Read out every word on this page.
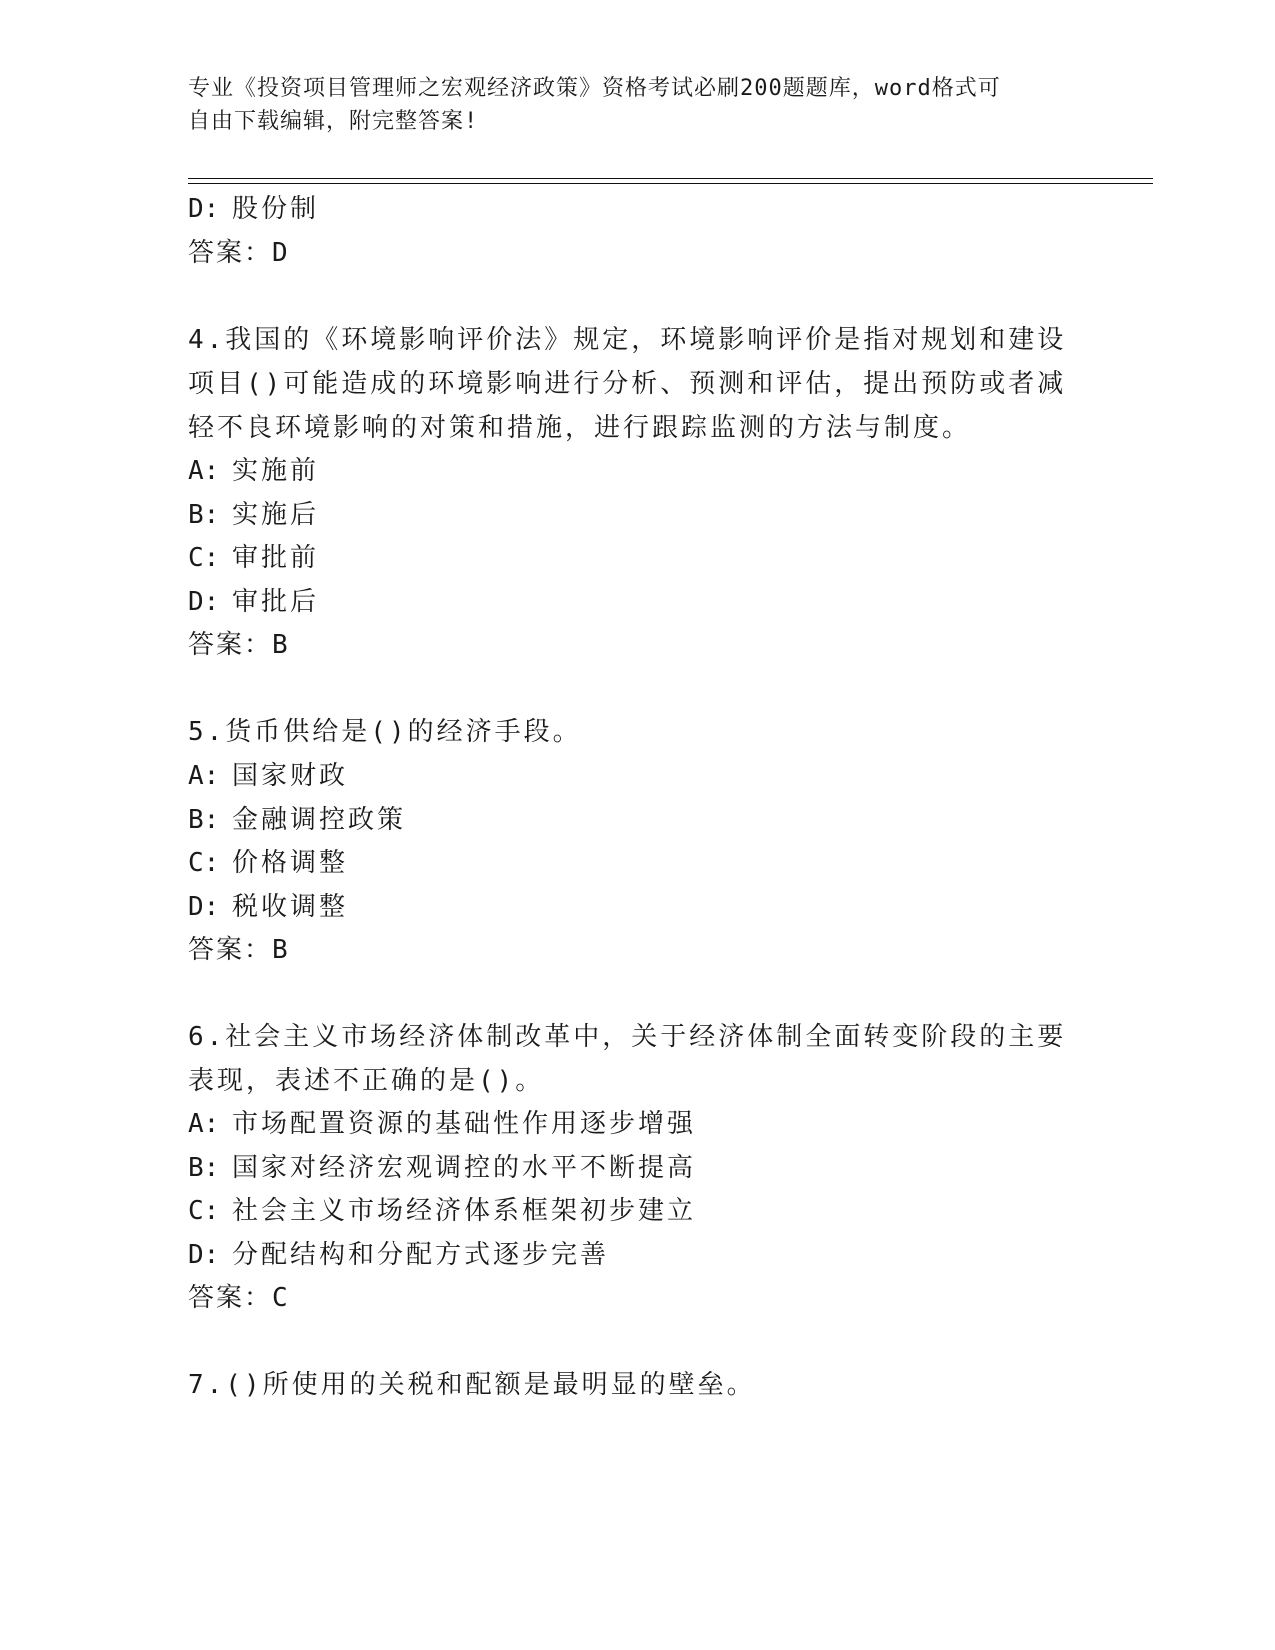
专业《投资项目管理师之宏观经济政策》资格考试必刷200题题库，word格式可
自由下载编辑，附完整答案!
D: 股份制
答案：D
4.我国的《环境影响评价法》规定，环境影响评价是指对规划和建设
项目()可能造成的环境影响进行分析、预测和评估，提出预防或者减
轻不良环境影响的对策和措施，进行跟踪监测的方法与制度。
A: 实施前
B: 实施后
C: 审批前
D: 审批后
答案：B
5.货币供给是()的经济手段。
A: 国家财政
B: 金融调控政策
C: 价格调整
D: 税收调整
答案：B
6.社会主义市场经济体制改革中，关于经济体制全面转变阶段的主要
表现，表述不正确的是()。
A: 市场配置资源的基础性作用逐步增强
B: 国家对经济宏观调控的水平不断提高
C: 社会主义市场经济体系框架初步建立
D: 分配结构和分配方式逐步完善
答案：C
7.()所使用的关税和配额是最明显的壁垒。
